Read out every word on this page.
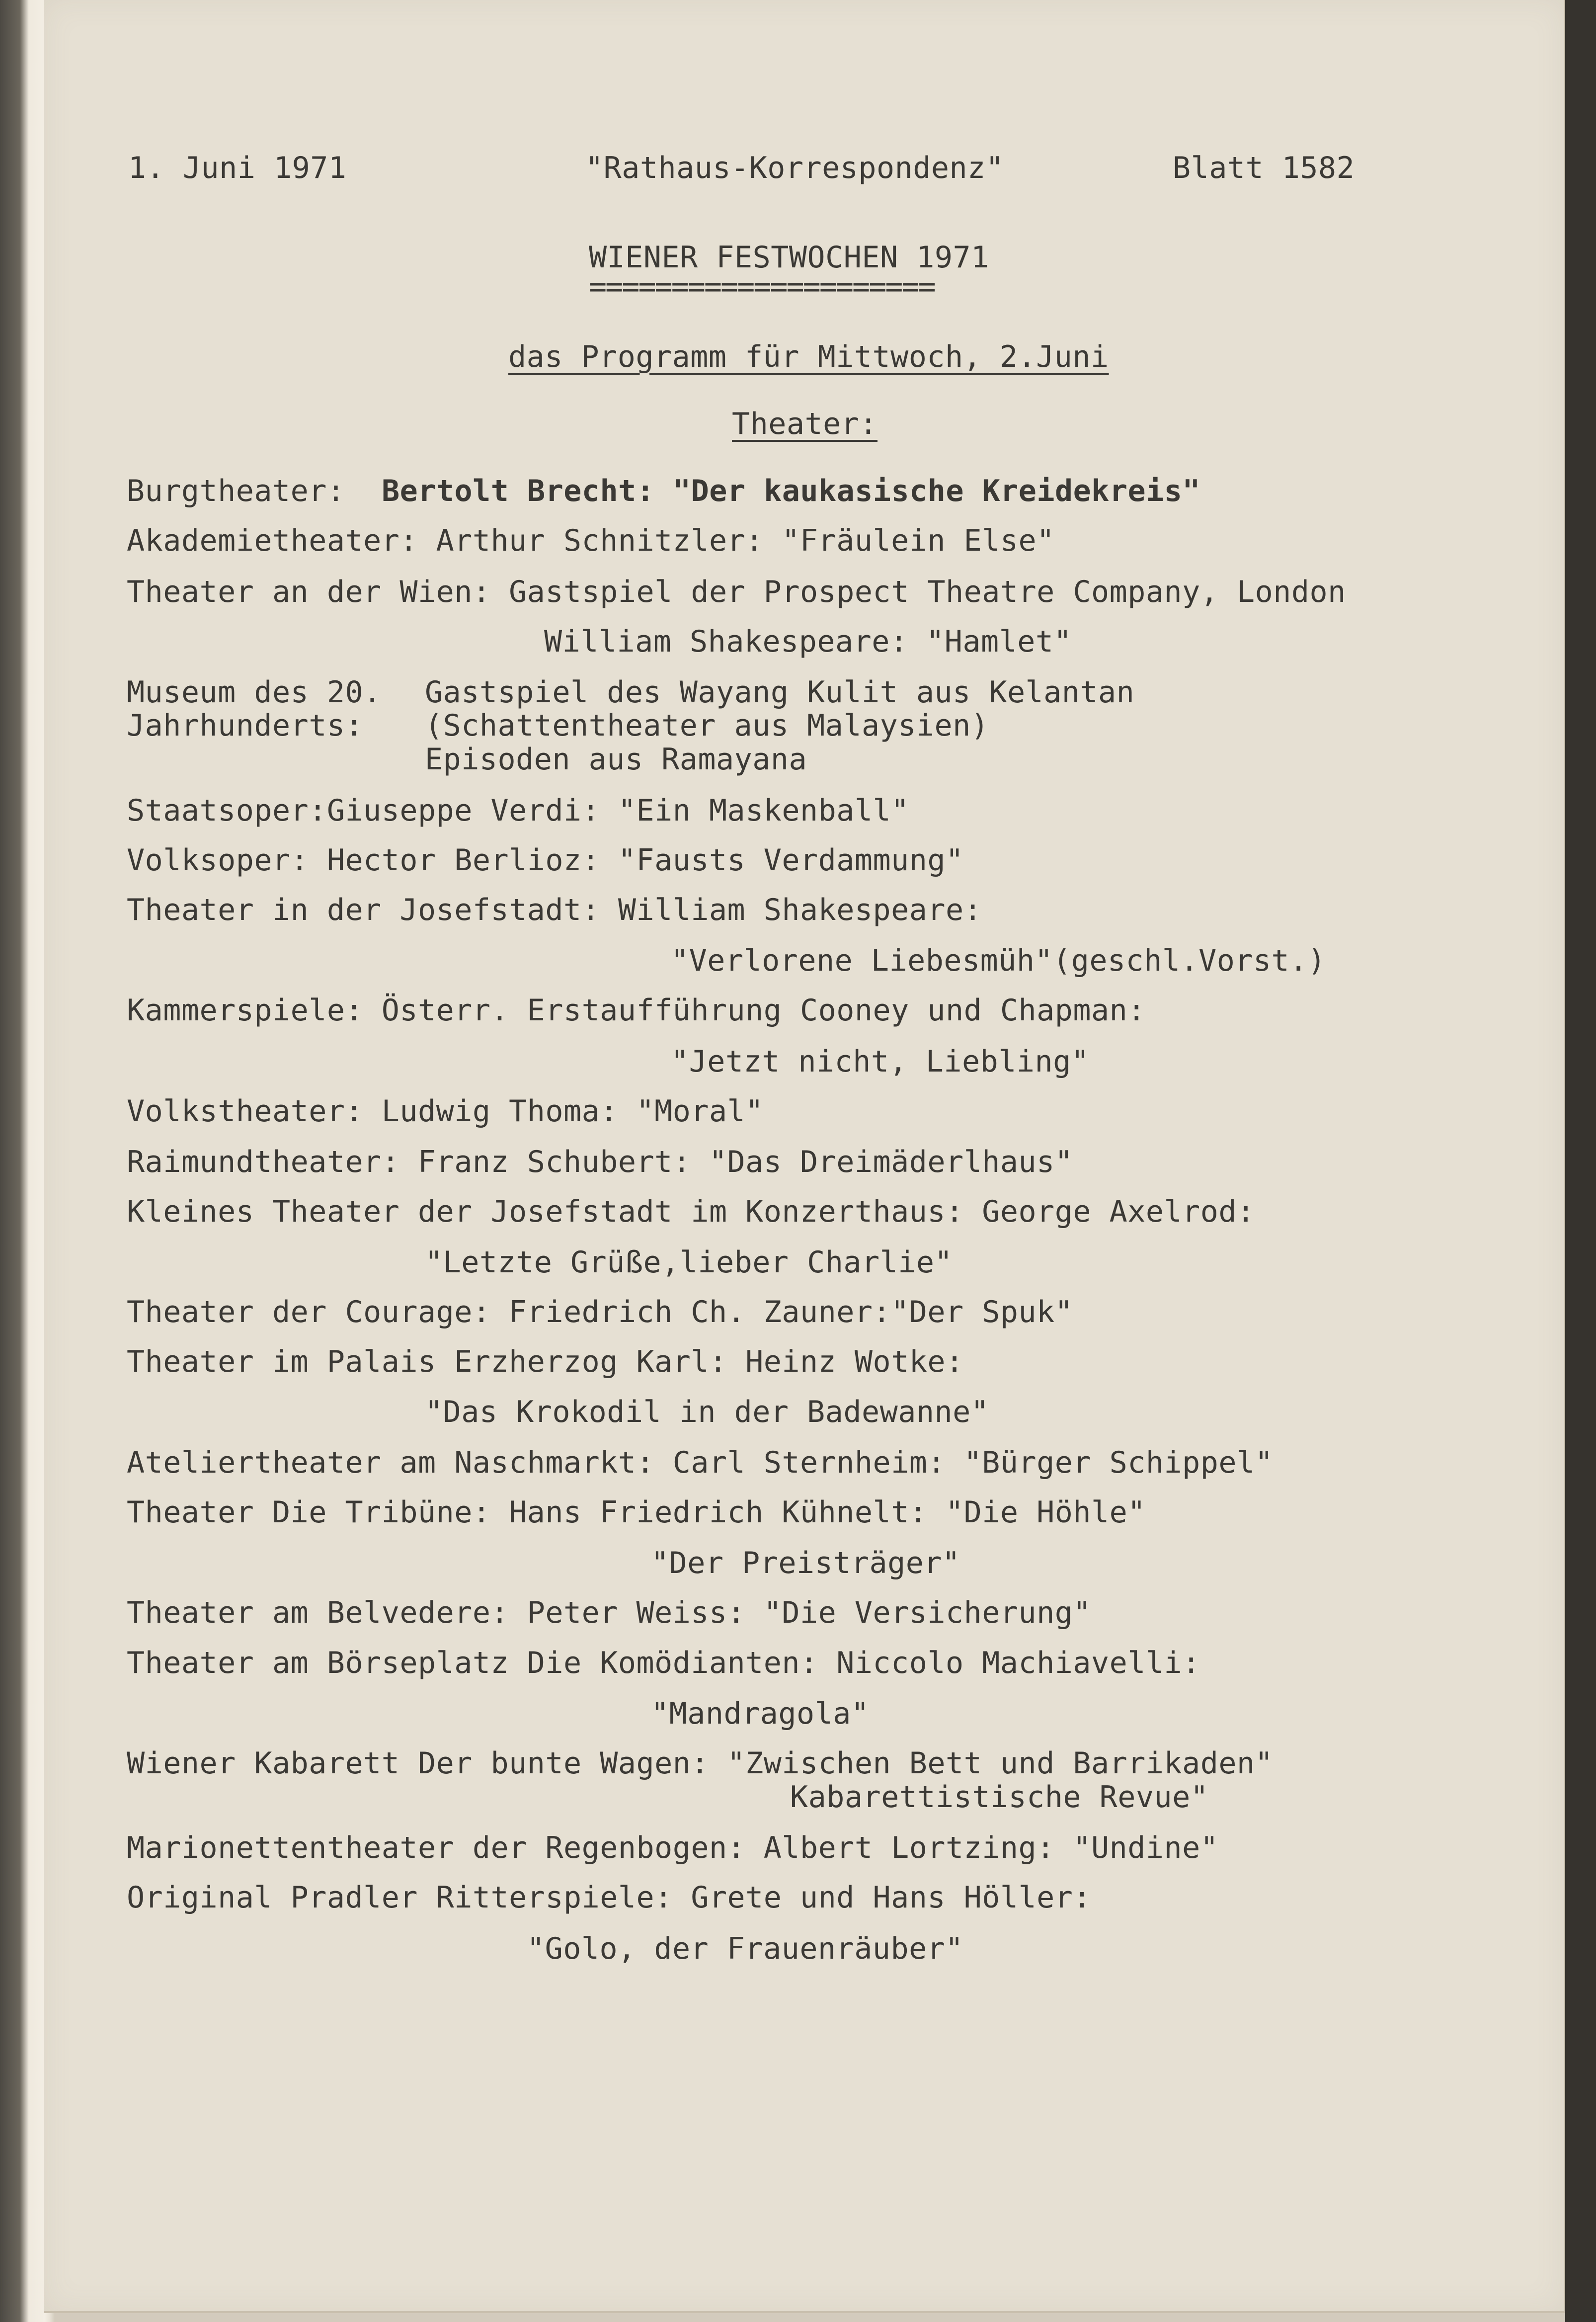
1. Juni 1971	"Rathaus-Korrespondenz"	Blatt 1582
WIENER FESTWOCHEN 1971
=====================
das Programm für Mittwoch, 2.Juni
Theater:
Burgtheater: Bertolt Brecht: "Der kaukasische Kreidekreis"
Akademietheater: Arthur Schnitzler: "Fräulein Else"
Theater an der Wien: Gastspiel der Prospect Theatre Company, London
William Shakespeare: "Hamlet"
Museum des 20. Gastspiel des Wayang Kulit aus Kelantan
Jahrhunderts: (Schattentheater aus Malaysien)
Episoden aus Ramayana
Staatsoper:Giuseppe Verdi: "Ein Maskenball"
Volksoper: Hector Berlioz: "Fausts Verdammung"
Theater in der Josefstadt: William Shakespeare:
"Verlorene Liebesmüh"(geschl.Vorst.)
Kammerspiele: Österr. Erstaufführung Cooney und Chapman:
"Jetzt nicht, Liebling"
Volkstheater: Ludwig Thoma: "Moral"
Raimundtheater: Franz Schubert: "Das Dreimäderlhaus"
Kleines Theater der Josefstadt im Konzerthaus: George Axelrod:
"Letzte Grüße,lieber Charlie"
Theater der Courage: Friedrich Ch. Zauner:"Der Spuk"
Theater im Palais Erzherzog Karl: Heinz Wotke:
"Das Krokodil in der Badewanne"
Ateliertheater am Naschmarkt: Carl Sternheim: "Bürger Schippel"
Theater Die Tribüne: Hans Friedrich Kühnelt: "Die Höhle"
"Der Preisträger"
Theater am Belvedere: Peter Weiss: "Die Versicherung"
Theater am Börseplatz Die Komödianten: Niccolo Machiavelli:
"Mandragola"
Wiener Kabarett Der bunte Wagen: "Zwischen Bett und Barrikaden"
Kabarettistische Revue"
Marionettentheater der Regenbogen: Albert Lortzing: "Undine"
Original Pradler Ritterspiele: Grete und Hans Höller:
"Golo, der Frauenräuber"
